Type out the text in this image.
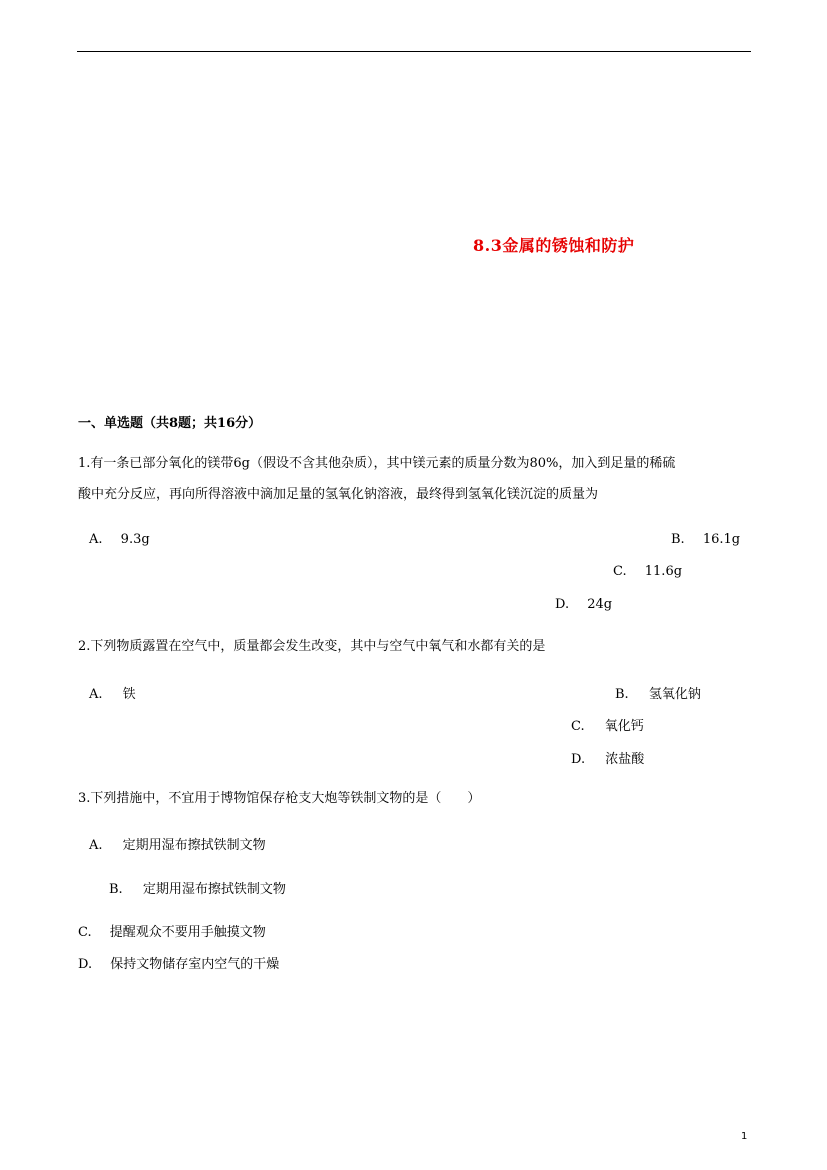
8.3金属的锈蚀和防护
一、单选题（共8题；共16分）
1.有一条已部分氧化的镁带6g（假设不含其他杂质），其中镁元素的质量分数为80%，加入到足量的稀硫
酸中充分反应，再向所得溶液中滴加足量的氢氧化钠溶液，最终得到氢氧化镁沉淀的质量为
A. 9.3g	B. 16.1g
C. 11.6g
D. 24g
2.下列物质露置在空气中，质量都会发生改变，其中与空气中氧气和水都有关的是
A. 铁	B. 氢氧化钠
C. 氧化钙
D. 浓盐酸
3.下列措施中，不宜用于博物馆保存枪支大炮等铁制文物的是（　　）
A. 定期用湿布擦拭铁制文物
B. 定期用湿布擦拭铁制文物
C. 提醒观众不要用手触摸文物
D. 保持文物储存室内空气的干燥
1
